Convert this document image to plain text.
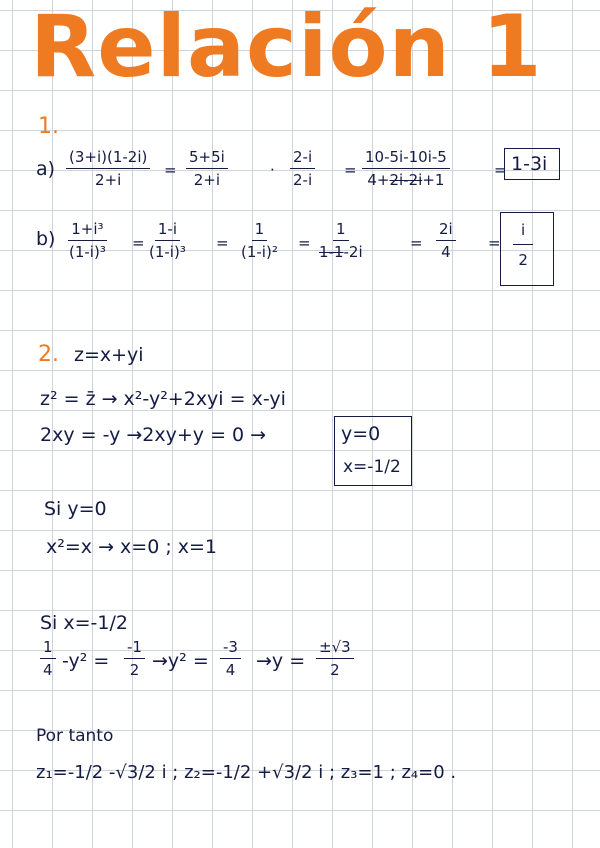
Relación 1
1.
$a) \frac{(3+i)(1-2i)}{2+i} = \frac{5+5i}{2+i}$	· $\frac{2-i}{2-i} = \frac{10-5i-10i-5}{4+2i-2i+1}$	= 1-3i
$b) \frac{\text{1+i³}}{\text{(1-i)³}} = \frac{1-i}{\text{(1-i)³}} = \frac{1}{\text{(1-i)²}} = \frac{1}{1-1-2i}$	= $\frac{2i}{4} = \frac{i}{2}$
2. z=x+yi
z² = z̄ → x²-y²+2xyi = x-yi
2xy = -y →2xy+y = 0 →	y=0
x=-1/2
Si y=0
x²=x → x=0 ; x=1
Si x=-1/2
$\frac{1}{4} -y^2 = \frac{-1}{2} \to y^2 = \frac{-3}{4} \to y = \frac{\pm√3}{2}$
Por tanto
z₁=-1/2 -√3/2 i ; z₂=-1/2 +√3/2 i ; z₃=1 ; z₄=0 .
